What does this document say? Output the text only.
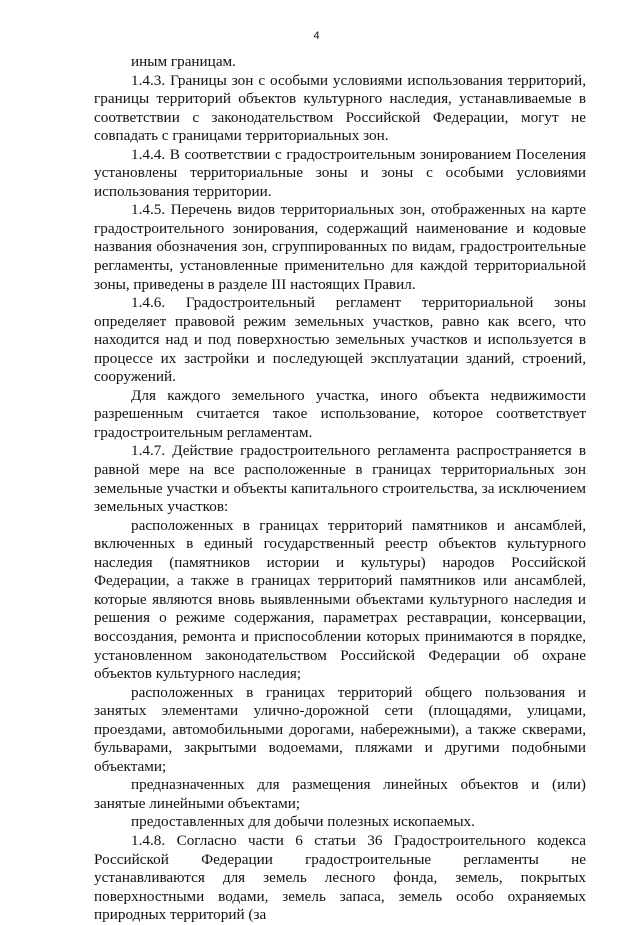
4

иным границам.

1.4.3. Границы зон с особыми условиями использования территорий, границы территорий объектов культурного наследия, устанавливаемые в соответствии с законодательством Российской Федерации, могут не совпадать с границами территориальных зон.

1.4.4. В соответствии с градостроительным зонированием Поселения установлены территориальные зоны и зоны с особыми условиями использования территории.

1.4.5. Перечень видов территориальных зон, отображенных на карте градостроительного зонирования, содержащий наименование и кодовые названия обозначения зон, сгруппированных по видам, градостроительные регламенты, установленные применительно для каждой территориальной зоны, приведены в разделе III настоящих Правил.

1.4.6. Градостроительный регламент территориальной зоны определяет правовой режим земельных участков, равно как всего, что находится над и под поверхностью земельных участков и используется в процессе их застройки и последующей эксплуатации зданий, строений, сооружений.

Для каждого земельного участка, иного объекта недвижимости разрешенным считается такое использование, которое соответствует градостроительным регламентам.

1.4.7. Действие градостроительного регламента распространяется в равной мере на все расположенные в границах территориальных зон земельные участки и объекты капитального строительства, за исключением земельных участков:

расположенных в границах территорий памятников и ансамблей, включенных в единый государственный реестр объектов культурного наследия (памятников истории и культуры) народов Российской Федерации, а также в границах территорий памятников или ансамблей, которые являются вновь выявленными объектами культурного наследия и решения о режиме содержания, параметрах реставрации, консервации, воссоздания, ремонта и приспособлении которых принимаются в порядке, установленном законодательством Российской Федерации об охране объектов культурного наследия;

расположенных в границах территорий общего пользования и занятых элементами улично-дорожной сети (площадями, улицами, проездами, автомобильными дорогами, набережными), а также скверами, бульварами, закрытыми водоемами, пляжами и другими подобными объектами;

предназначенных для размещения линейных объектов и (или) занятые линейными объектами;

предоставленных для добычи полезных ископаемых.

1.4.8. Согласно части 6 статьи 36 Градостроительного кодекса Российской Федерации градостроительные регламенты не устанавливаются для земель лесного фонда, земель, покрытых поверхностными водами, земель запаса, земель особо охраняемых природных территорий (за
